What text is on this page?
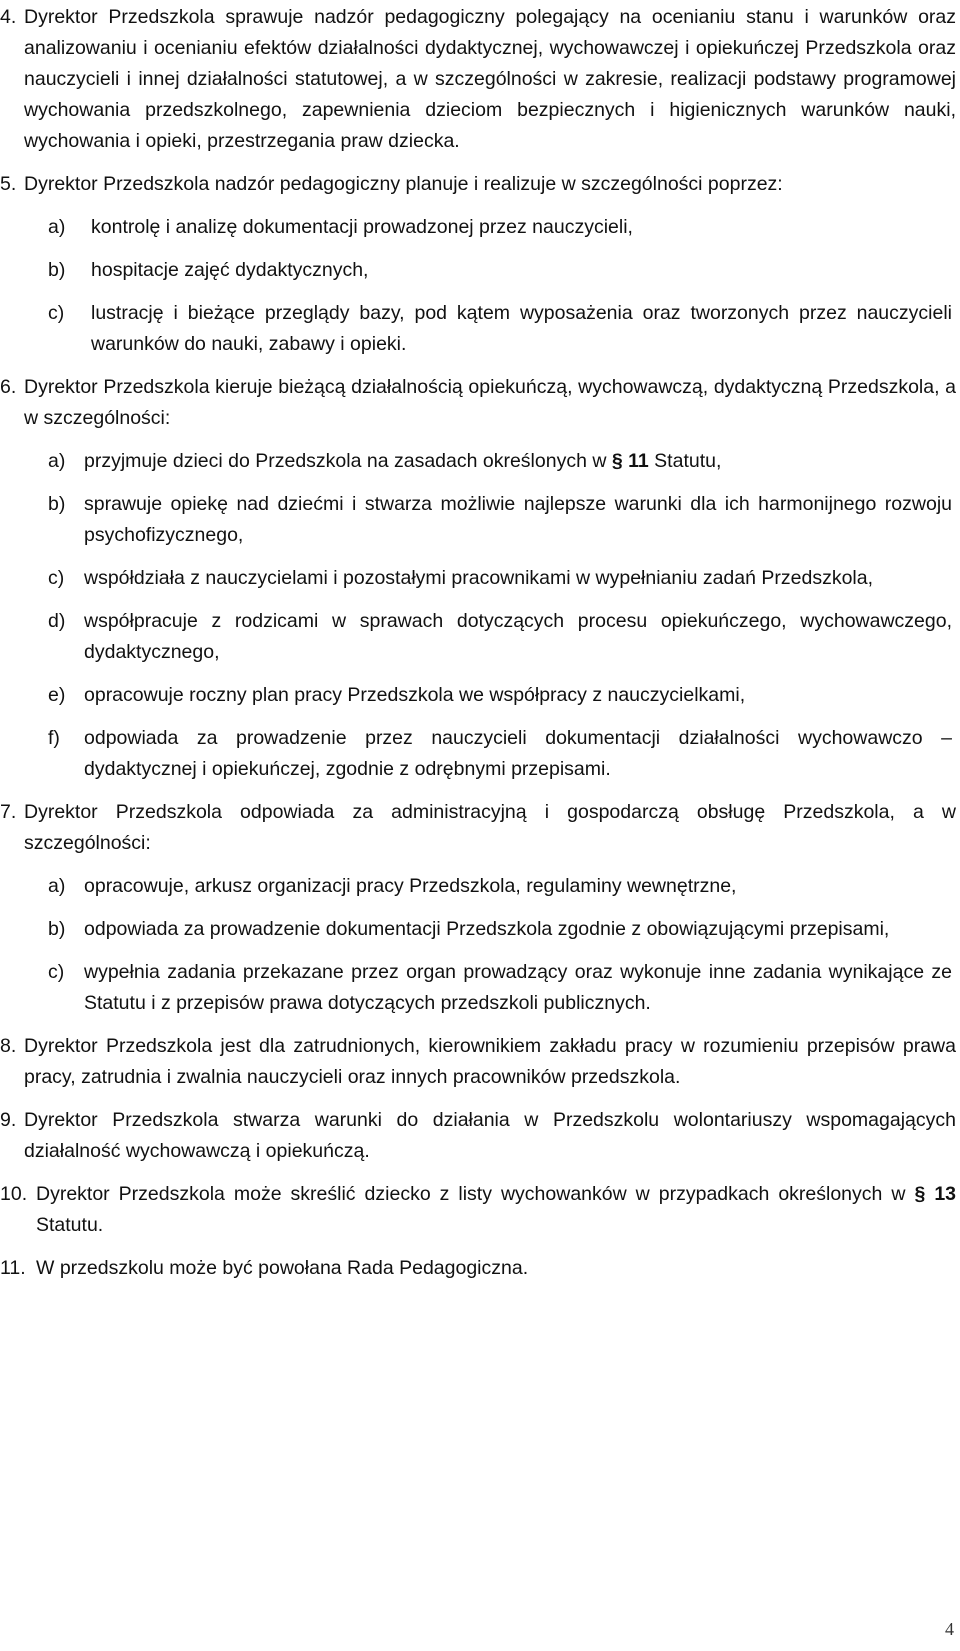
4. Dyrektor Przedszkola sprawuje nadzór pedagogiczny polegający na ocenianiu stanu i warunków oraz analizowaniu i ocenianiu efektów działalności dydaktycznej, wychowawczej i opiekuńczej Przedszkola oraz nauczycieli i innej działalności statutowej, a w szczególności w zakresie, realizacji podstawy programowej wychowania przedszkolnego, zapewnienia dzieciom bezpiecznych i higienicznych warunków nauki, wychowania i opieki, przestrzegania praw dziecka.
5. Dyrektor Przedszkola nadzór pedagogiczny planuje i realizuje w szczególności poprzez:
a)	kontrolę i analizę dokumentacji prowadzonej przez nauczycieli,
b)	hospitacje zajęć dydaktycznych,
c)	lustrację i bieżące przeglądy bazy, pod kątem wyposażenia oraz tworzonych przez nauczycieli warunków do nauki, zabawy i opieki.
6. Dyrektor Przedszkola kieruje bieżącą działalnością opiekuńczą, wychowawczą, dydaktyczną Przedszkola, a w szczególności:
a) przyjmuje dzieci do Przedszkola na zasadach określonych w § 11 Statutu,
b) sprawuje opiekę nad dziećmi i stwarza możliwie najlepsze warunki dla ich harmonijnego rozwoju psychofizycznego,
c)	współdziała z nauczycielami i pozostałymi pracownikami w wypełnianiu zadań Przedszkola,
d) współpracuje z rodzicami w sprawach dotyczących procesu opiekuńczego, wychowawczego, dydaktycznego,
e) opracowuje roczny plan pracy Przedszkola we współpracy z nauczycielkami,
f)	odpowiada za prowadzenie przez nauczycieli dokumentacji działalności wychowawczo – dydaktycznej i opiekuńczej, zgodnie z odrębnymi przepisami.
7. Dyrektor Przedszkola odpowiada za administracyjną i gospodarczą obsługę Przedszkola, a w szczególności:
a) opracowuje, arkusz organizacji pracy Przedszkola, regulaminy wewnętrzne,
b) odpowiada za prowadzenie dokumentacji Przedszkola zgodnie z obowiązującymi przepisami,
c)	wypełnia zadania przekazane przez organ prowadzący oraz wykonuje inne zadania wynikające ze Statutu i z przepisów prawa dotyczących przedszkoli publicznych.
8. Dyrektor Przedszkola jest dla zatrudnionych, kierownikiem zakładu pracy w rozumieniu przepisów prawa pracy, zatrudnia i zwalnia nauczycieli oraz innych pracowników przedszkola.
9. Dyrektor Przedszkola stwarza warunki do działania w Przedszkolu wolontariuszy wspomagających działalność wychowawczą i opiekuńczą.
10. Dyrektor Przedszkola może skreślić dziecko z listy wychowanków w przypadkach określonych w § 13 Statutu.
11. W przedszkolu może być powołana Rada Pedagogiczna.
4
